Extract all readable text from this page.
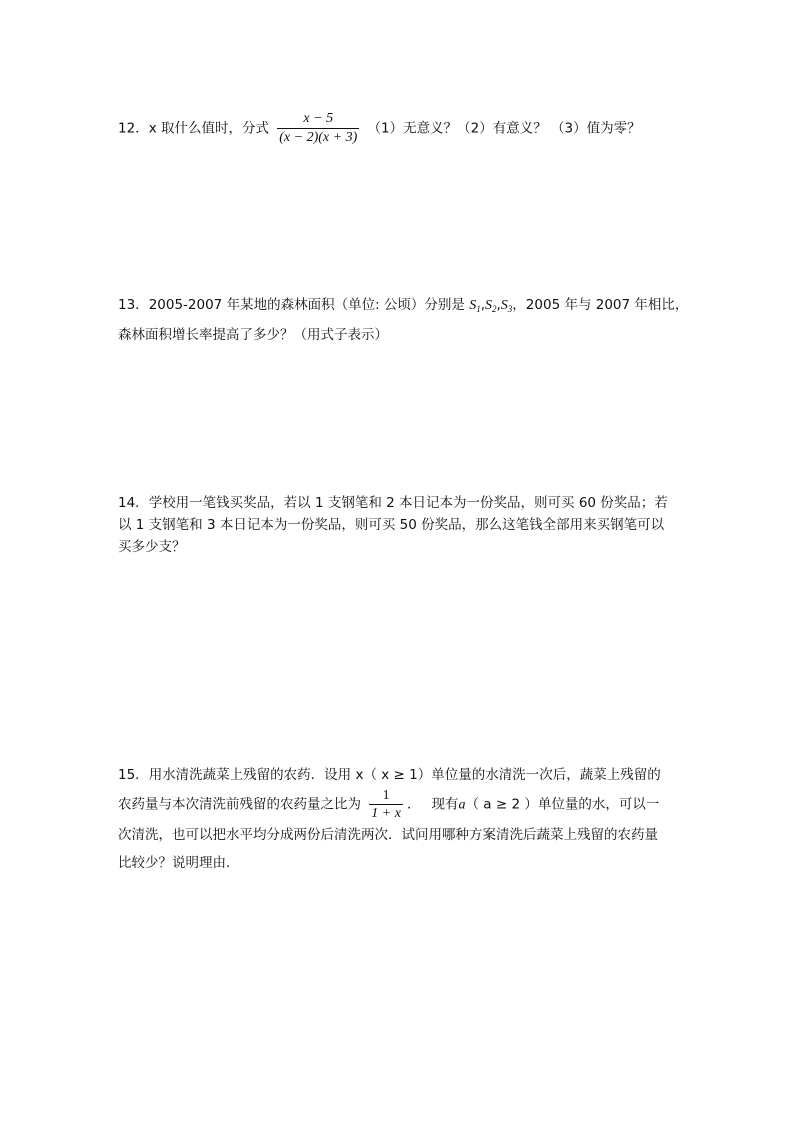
12．x 取什么值时，分式 $\frac{x - 5}{(x - 2)(x + 3)} (1)$无意义？（2）有意义？ （3）值为零？
13．2005-2007 年某地的森林面积（单位: 公顷）分别是 $S_1,S_2,S_3$，2005 年与 2007 年相比，
森林面积增长率提高了多少？（用式子表示）
14．学校用一笔钱买奖品，若以 1 支钢笔和 2 本日记本为一份奖品，则可买 60 份奖品；若
以 1 支钢笔和 3 本日记本为一份奖品，则可买 50 份奖品，那么这笔钱全部用来买钢笔可以
买多少支？
15．用水清洗蔬菜上残留的农药．设用 x（ x ≥ 1）单位量的水清洗一次后，蔬菜上残留的
农药量与本次清洗前残留的农药量之比为 $\frac{1}{1 + x}$ ．　 现有a（ a ≥ 2 ）单位量的水，可以一
次清洗，也可以把水平均分成两份后清洗两次．试问用哪种方案清洗后蔬菜上残留的农药量
比较少？说明理由．
